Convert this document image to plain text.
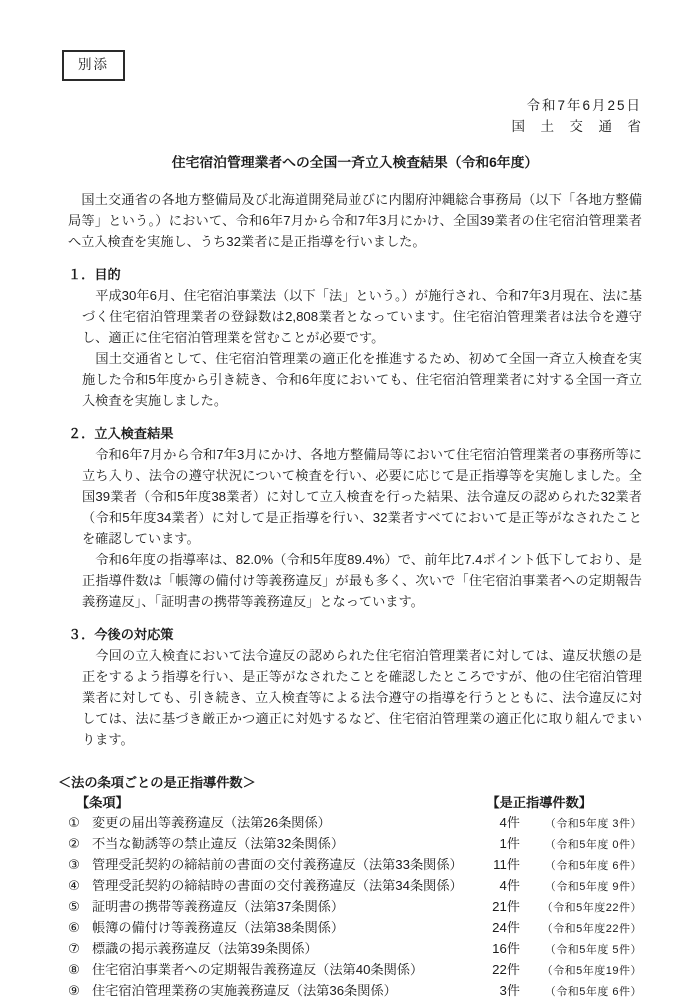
別添
令和7年6月25日
国　土　交　通　省
住宅宿泊管理業者への全国一斉立入検査結果（令和6年度）

　国土交通省の各地方整備局及び北海道開発局並びに内閣府沖縄総合事務局（以下「各地方整備局等」という。）において、令和6年7月から令和7年3月にかけ、全国39業者の住宅宿泊管理業者へ立入検査を実施し、うち32業者に是正指導を行いました。

１．目的

　平成30年6月、住宅宿泊事業法（以下「法」という。）が施行され、令和7年3月現在、法に基づく住宅宿泊管理業者の登録数は2,808業者となっています。住宅宿泊管理業者は法令を遵守し、適正に住宅宿泊管理業を営むことが必要です。

　国土交通省として、住宅宿泊管理業の適正化を推進するため、初めて全国一斉立入検査を実施した令和5年度から引き続き、令和6年度においても、住宅宿泊管理業者に対する全国一斉立入検査を実施しました。

２．立入検査結果

　令和6年7月から令和7年3月にかけ、各地方整備局等において住宅宿泊管理業者の事務所等に立ち入り、法令の遵守状況について検査を行い、必要に応じて是正指導等を実施しました。全国39業者（令和5年度38業者）に対して立入検査を行った結果、法令違反の認められた32業者（令和5年度34業者）に対して是正指導を行い、32業者すべてにおいて是正等がなされたことを確認しています。

　令和6年度の指導率は、82.0%（令和5年度89.4%）で、前年比7.4ポイント低下しており、是正指導件数は「帳簿の備付け等義務違反」が最も多く、次いで「住宅宿泊事業者への定期報告義務違反」、「証明書の携帯等義務違反」となっています。

３．今後の対応策

　今回の立入検査において法令違反の認められた住宅宿泊管理業者に対しては、違反状態の是正をするよう指導を行い、是正等がなされたことを確認したところですが、他の住宅宿泊管理業者に対しても、引き続き、立入検査等による法令遵守の指導を行うとともに、法令違反に対しては、法に基づき厳正かつ適正に対処するなど、住宅宿泊管理業の適正化に取り組んでまいります。

＜法の条項ごとの是正指導件数＞
【条項】	【是正指導件数】
① 変更の届出等義務違反（法第26条関係）	4件	（令和5年度 3件）
② 不当な勧誘等の禁止違反（法第32条関係）	1件	（令和5年度 0件）
③ 管理受託契約の締結前の書面の交付義務違反（法第33条関係）	11件	（令和5年度 6件）
④ 管理受託契約の締結時の書面の交付義務違反（法第34条関係）	4件	（令和5年度 9件）
⑤ 証明書の携帯等義務違反（法第37条関係）	21件	（令和5年度22件）
⑥ 帳簿の備付け等義務違反（法第38条関係）	24件	（令和5年度22件）
⑦ 標識の掲示義務違反（法第39条関係）	16件	（令和5年度 5件）
⑧ 住宅宿泊事業者への定期報告義務違反（法第40条関係）	22件	（令和5年度19件）
⑨ 住宅宿泊管理業務の実施義務違反（法第36条関係）	3件	（令和5年度 6件）
